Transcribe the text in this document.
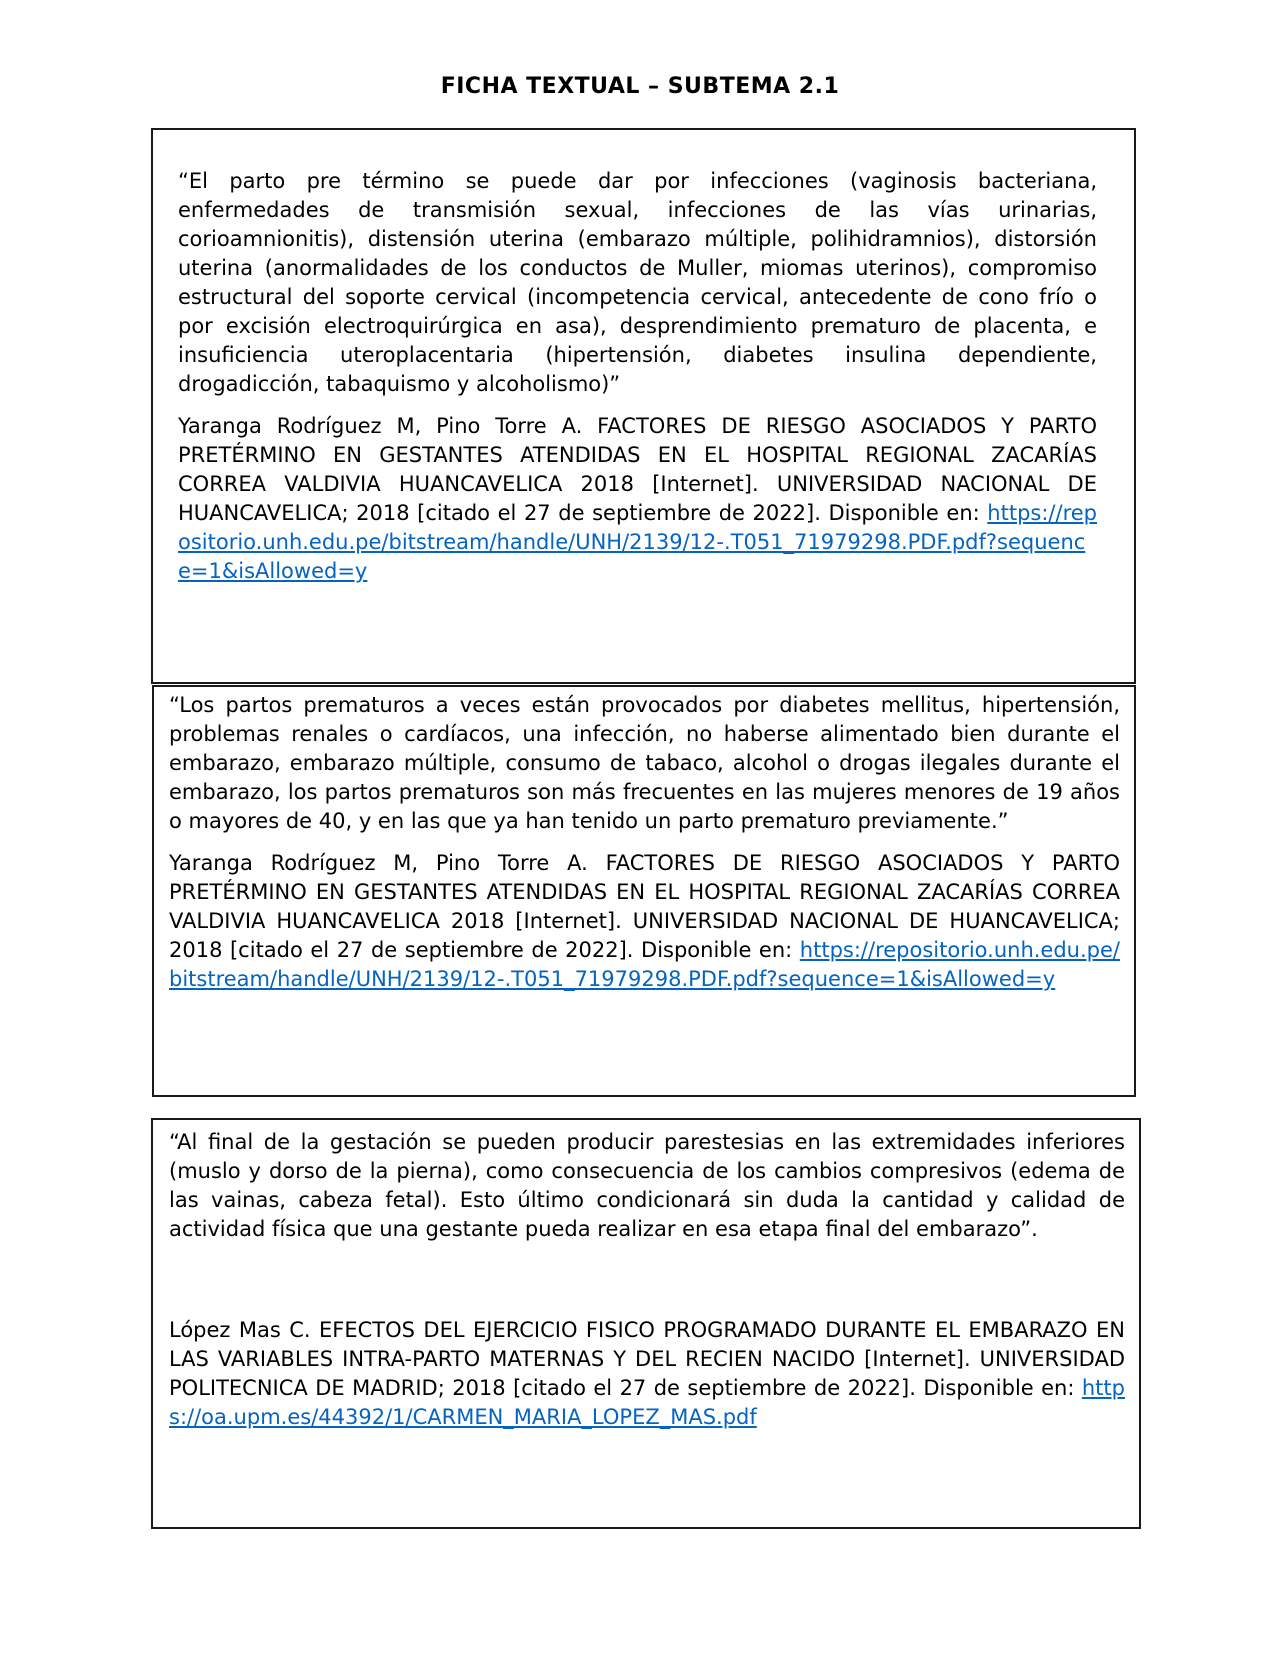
FICHA TEXTUAL – SUBTEMA 2.1

“El parto pre término se puede dar por infecciones (vaginosis bacteriana, enfermedades de transmisión sexual, infecciones de las vías urinarias, corioamnionitis), distensión uterina (embarazo múltiple, polihidramnios), distorsión uterina (anormalidades de los conductos de Muller, miomas uterinos), compromiso estructural del soporte cervical (incompetencia cervical, antecedente de cono frío o por excisión electroquirúrgica en asa), desprendimiento prematuro de placenta, e insuficiencia uteroplacentaria (hipertensión, diabetes insulina dependiente, drogadicción, tabaquismo y alcoholismo)”

Yaranga Rodríguez M, Pino Torre A. FACTORES DE RIESGO ASOCIADOS Y PARTO PRETÉRMINO EN GESTANTES ATENDIDAS EN EL HOSPITAL REGIONAL ZACARÍAS CORREA VALDIVIA HUANCAVELICA 2018 [Internet]. UNIVERSIDAD NACIONAL DE HUANCAVELICA; 2018 [citado el 27 de septiembre de 2022]. Disponible en: https://repositorio.unh.edu.pe/bitstream/handle/UNH/2139/12-.T051_71979298.PDF.pdf?sequence=1&isAllowed=y

“Los partos prematuros a veces están provocados por diabetes mellitus, hipertensión, problemas renales o cardíacos, una infección, no haberse alimentado bien durante el embarazo, embarazo múltiple, consumo de tabaco, alcohol o drogas ilegales durante el embarazo, los partos prematuros son más frecuentes en las mujeres menores de 19 años o mayores de 40, y en las que ya han tenido un parto prematuro previamente.”

Yaranga Rodríguez M, Pino Torre A. FACTORES DE RIESGO ASOCIADOS Y PARTO PRETÉRMINO EN GESTANTES ATENDIDAS EN EL HOSPITAL REGIONAL ZACARÍAS CORREA VALDIVIA HUANCAVELICA 2018 [Internet]. UNIVERSIDAD NACIONAL DE HUANCAVELICA; 2018 [citado el 27 de septiembre de 2022]. Disponible en: https://repositorio.unh.edu.pe/bitstream/handle/UNH/2139/12-.T051_71979298.PDF.pdf?sequence=1&isAllowed=y

“Al final de la gestación se pueden producir parestesias en las extremidades inferiores (muslo y dorso de la pierna), como consecuencia de los cambios compresivos (edema de las vainas, cabeza fetal). Esto último condicionará sin duda la cantidad y calidad de actividad física que una gestante pueda realizar en esa etapa final del embarazo”.

López Mas C. EFECTOS DEL EJERCICIO FISICO PROGRAMADO DURANTE EL EMBARAZO EN LAS VARIABLES INTRA-PARTO MATERNAS Y DEL RECIEN NACIDO [Internet]. UNIVERSIDAD POLITECNICA DE MADRID; 2018 [citado el 27 de septiembre de 2022]. Disponible en: https://oa.upm.es/44392/1/CARMEN_MARIA_LOPEZ_MAS.pdf
